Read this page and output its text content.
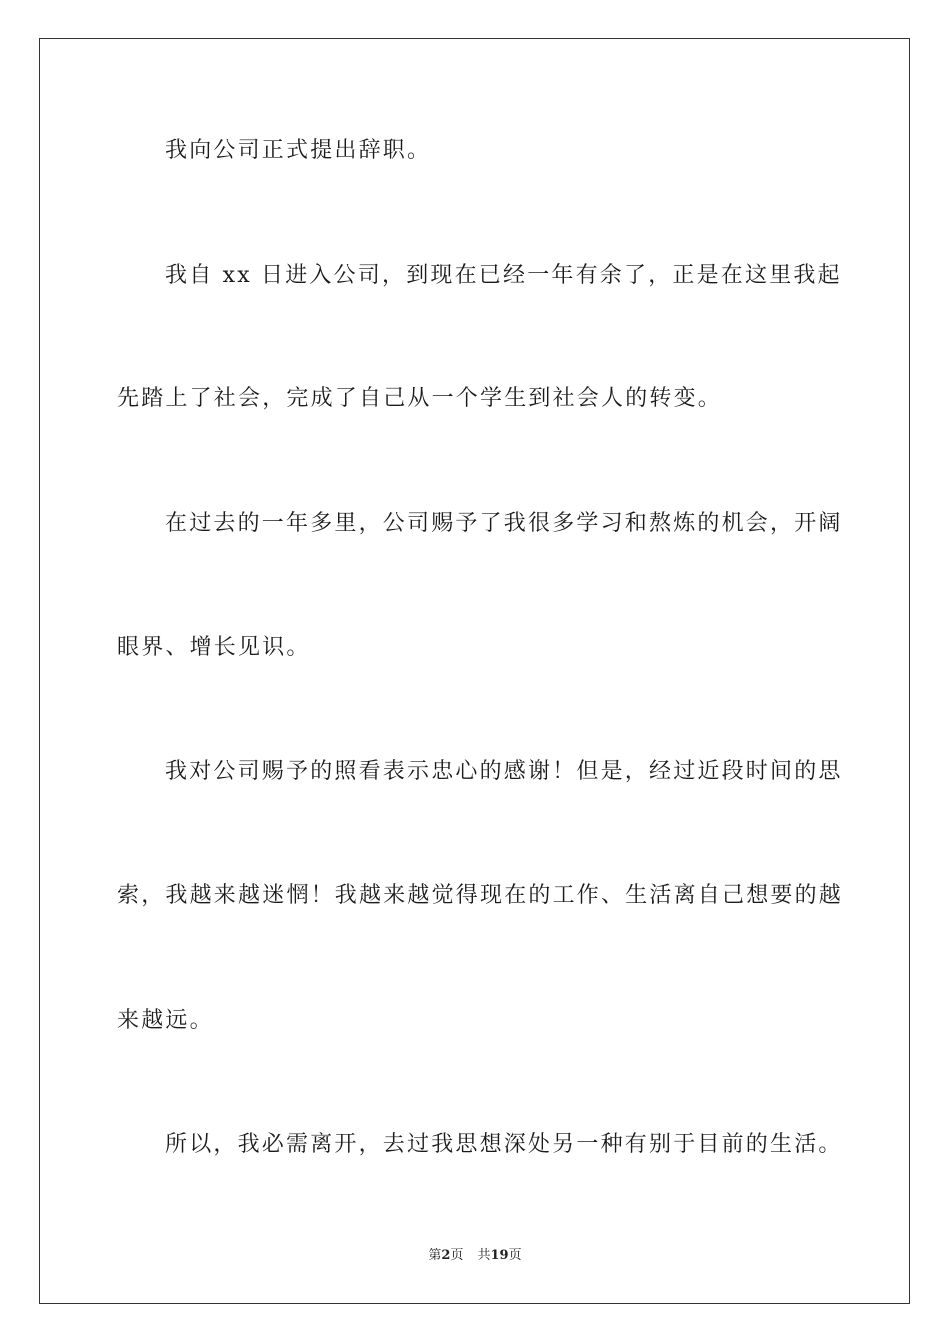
我向公司正式提出辞职。
我自 xx 日进入公司，到现在已经一年有余了，正是在这里我起
先踏上了社会，完成了自己从一个学生到社会人的转变。
在过去的一年多里，公司赐予了我很多学习和熬炼的机会，开阔
眼界、增长见识。
我对公司赐予的照看表示忠心的感谢！但是，经过近段时间的思
索，我越来越迷惘！我越来越觉得现在的工作、生活离自己想要的越
来越远。
所以，我必需离开，去过我思想深处另一种有别于目前的生活。
第2页 共19页
